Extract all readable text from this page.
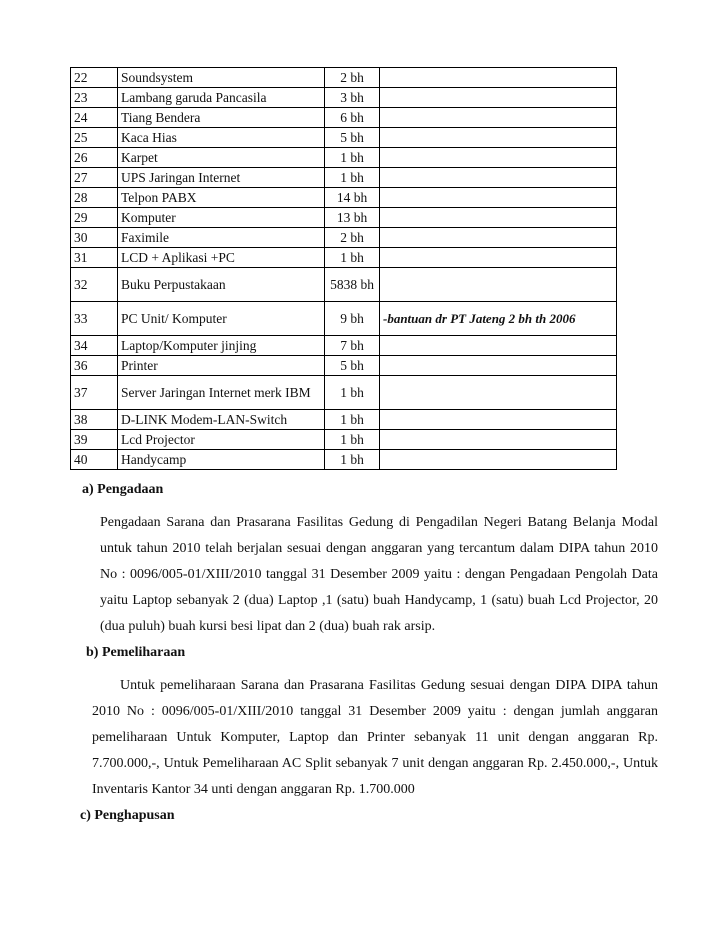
22	Soundsystem	2 bh	
23	Lambang garuda Pancasila	3 bh	
24	Tiang Bendera	6 bh	
25	Kaca Hias	5 bh	
26	Karpet	1 bh	
27	UPS Jaringan Internet	1 bh	
28	Telpon PABX	14 bh	
29	Komputer	13 bh	
30	Faximile	2 bh	
31	LCD + Aplikasi +PC	1 bh	
32	Buku Perpustakaan	5838 bh	
33	PC Unit/ Komputer	9 bh	-bantuan dr PT Jateng 2 bh th 2006
34	Laptop/Komputer jinjing	7 bh	
36	Printer	5 bh	
37	Server Jaringan Internet merk IBM	1 bh	
38	D-LINK Modem-LAN-Switch	1 bh	
39	Lcd Projector	1 bh	
40	Handycamp	1 bh	
a) Pengadaan

Pengadaan Sarana dan Prasarana Fasilitas Gedung di Pengadilan Negeri Batang Belanja Modal untuk tahun 2010 telah berjalan sesuai dengan anggaran yang tercantum dalam DIPA tahun 2010 No : 0096/005-01/XIII/2010 tanggal 31 Desember 2009 yaitu : dengan Pengadaan Pengolah Data yaitu Laptop sebanyak 2 (dua) Laptop ,1 (satu) buah Handycamp, 1 (satu) buah Lcd Projector, 20 (dua puluh) buah kursi besi lipat dan 2 (dua) buah rak arsip.

b) Pemeliharaan

Untuk pemeliharaan Sarana dan Prasarana Fasilitas Gedung sesuai dengan DIPA DIPA tahun 2010 No : 0096/005-01/XIII/2010 tanggal 31 Desember 2009 yaitu : dengan jumlah anggaran pemeliharaan Untuk Komputer, Laptop dan Printer sebanyak 11 unit dengan anggaran Rp. 7.700.000,-, Untuk Pemeliharaan AC Split sebanyak 7 unit dengan anggaran Rp. 2.450.000,-, Untuk Inventaris Kantor 34 unti dengan anggaran Rp. 1.700.000

c) Penghapusan
